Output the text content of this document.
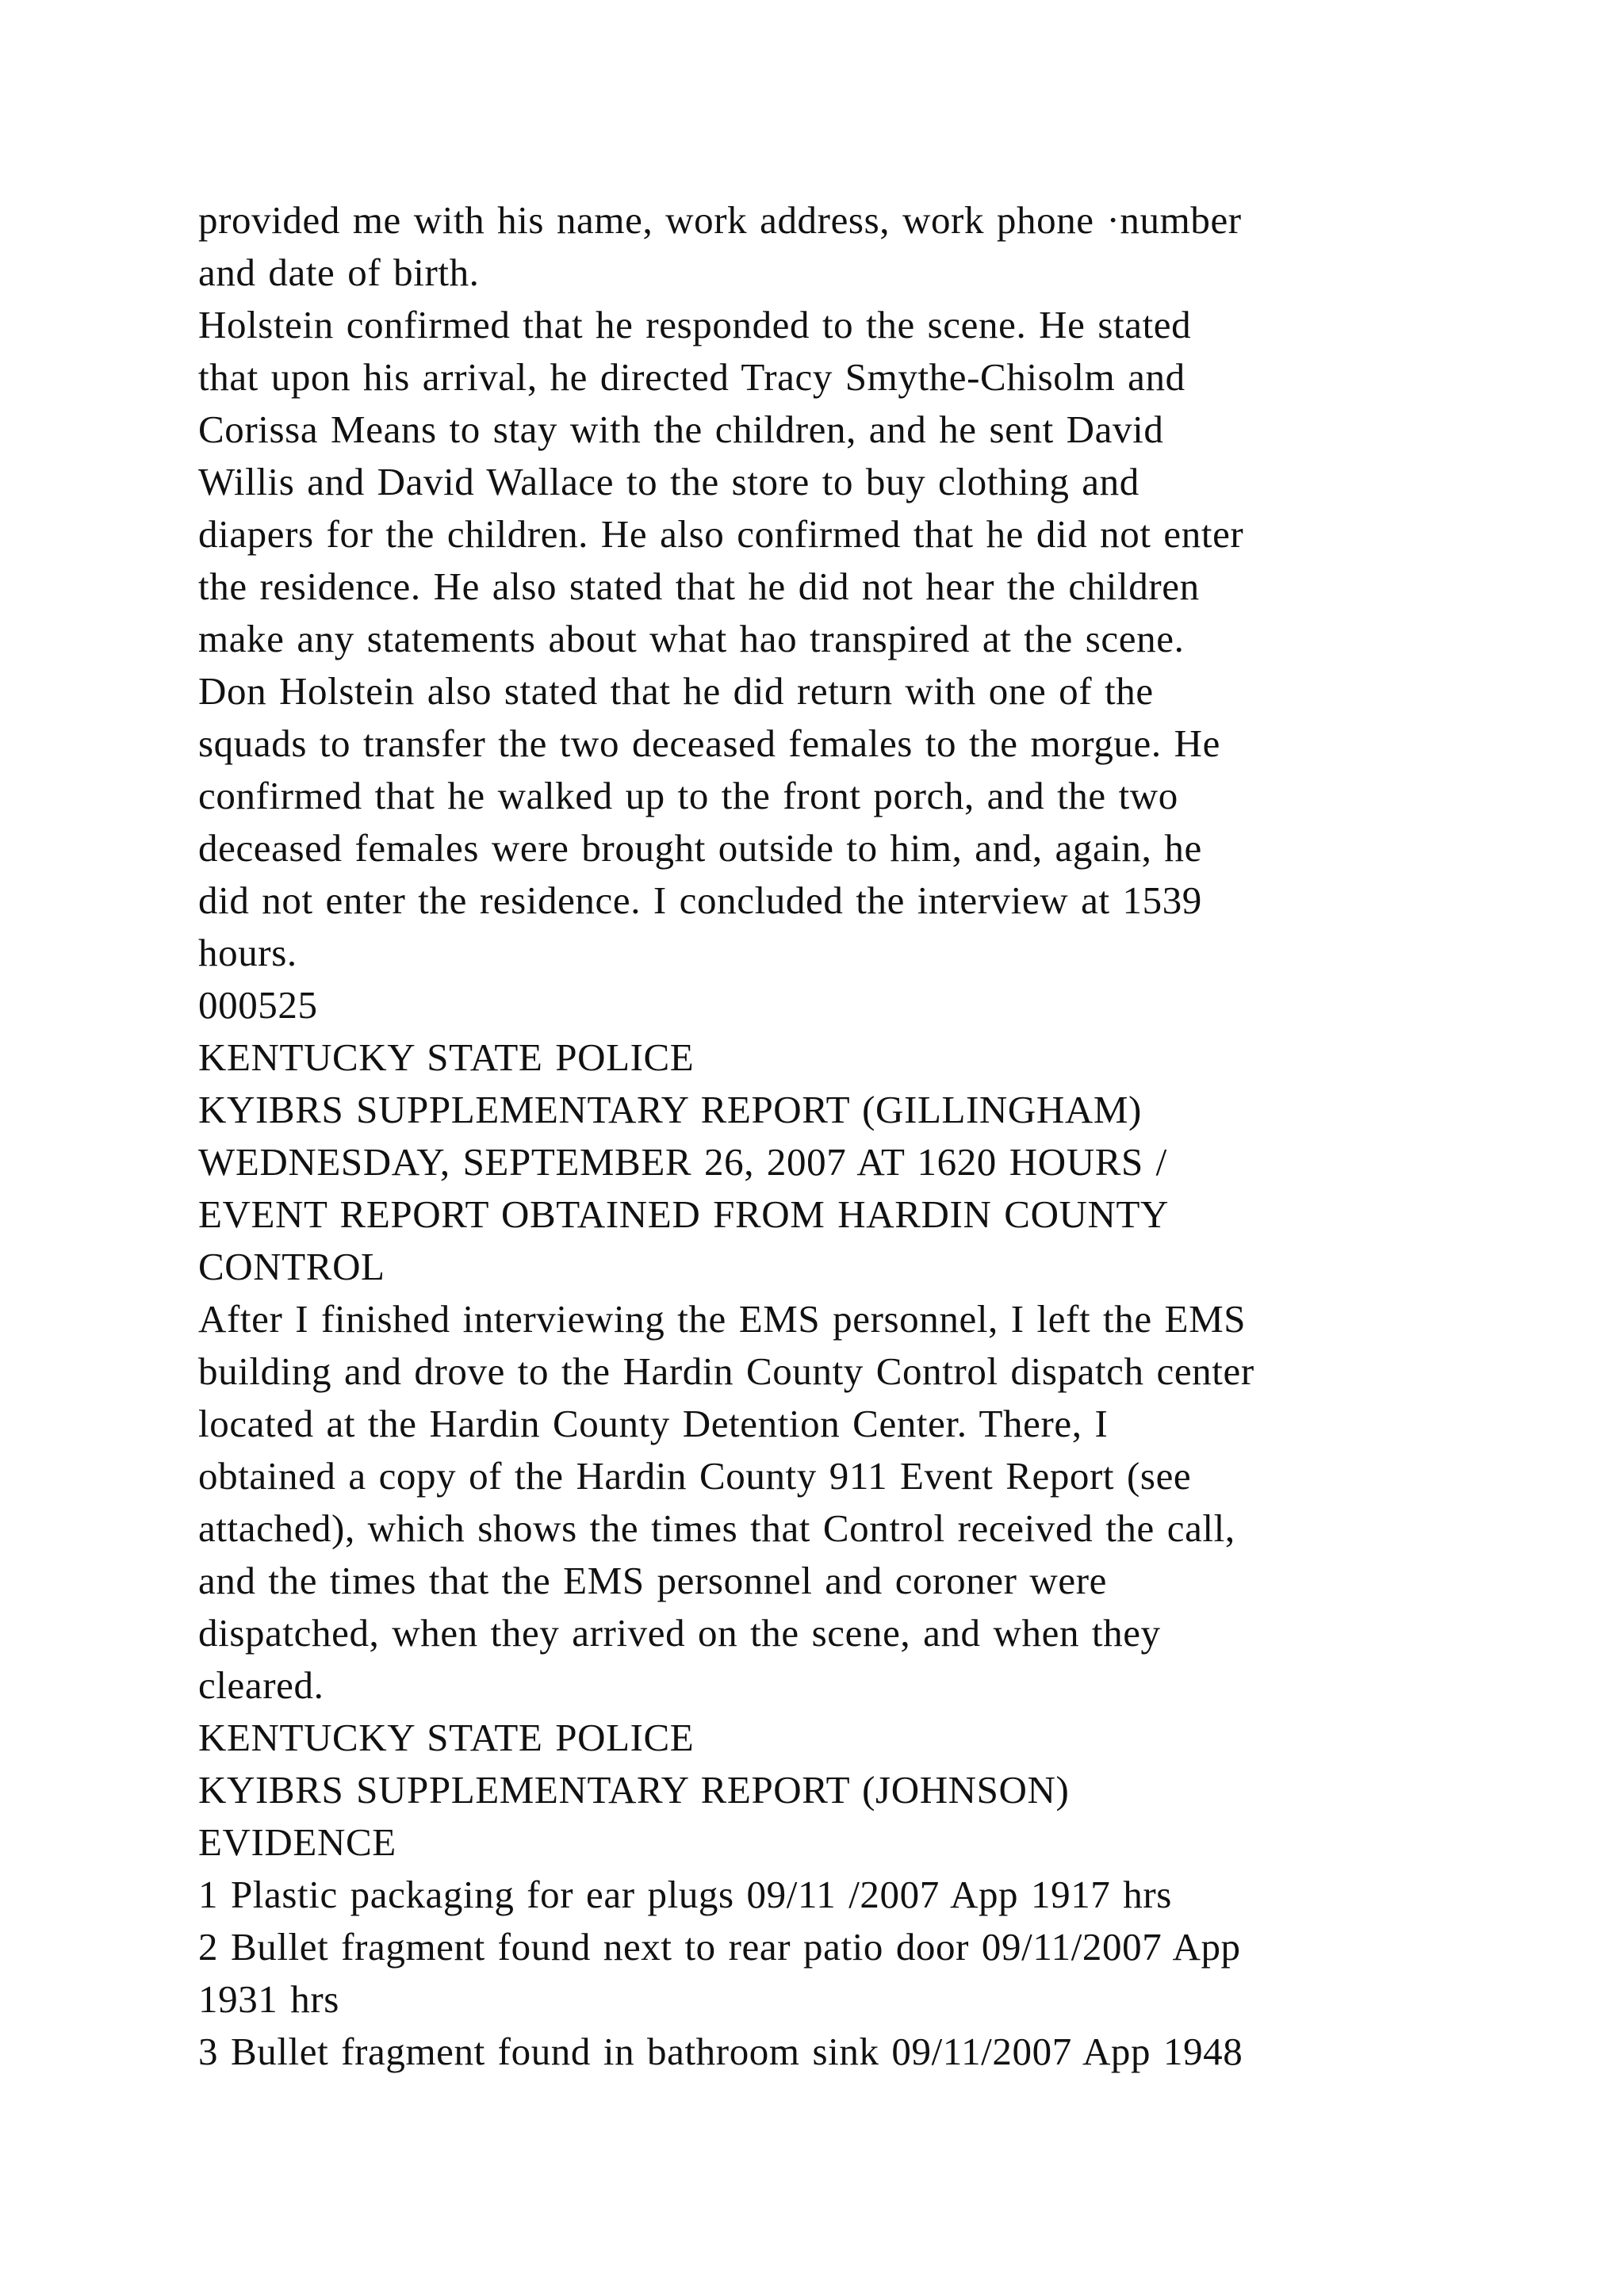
provided me with his name, work address, work phone ·number
and date of birth.
Holstein confirmed that he responded to the scene. He stated
that upon his arrival, he directed Tracy Smythe-Chisolm and
Corissa Means to stay with the children, and he sent David
Willis and David Wallace to the store to buy clothing and
diapers for the children. He also confirmed that he did not enter
the residence. He also stated that he did not hear the children
make any statements about what hao transpired at the scene.
Don Holstein also stated that he did return with one of the
squads to transfer the two deceased females to the morgue. He
confirmed that he walked up to the front porch, and the two
deceased females were brought outside to him, and, again, he
did not enter the residence. I concluded the interview at 1539
hours.
000525
KENTUCKY STATE POLICE
KYIBRS SUPPLEMENTARY REPORT (GILLINGHAM)
WEDNESDAY, SEPTEMBER 26, 2007 AT 1620 HOURS /
EVENT REPORT OBTAINED FROM HARDIN COUNTY
CONTROL
After I finished interviewing the EMS personnel, I left the EMS
building and drove to the Hardin County Control dispatch center
located at the Hardin County Detention Center. There, I
obtained a copy of the Hardin County 911 Event Report (see
attached), which shows the times that Control received the call,
and the times that the EMS personnel and coroner were
dispatched, when they arrived on the scene, and when they
cleared.
KENTUCKY STATE POLICE
KYIBRS SUPPLEMENTARY REPORT (JOHNSON)
EVIDENCE
1 Plastic packaging for ear plugs 09/11 /2007 App 1917 hrs
2 Bullet fragment found next to rear patio door 09/11/2007 App
1931 hrs
3 Bullet fragment found in bathroom sink 09/11/2007 App 1948
